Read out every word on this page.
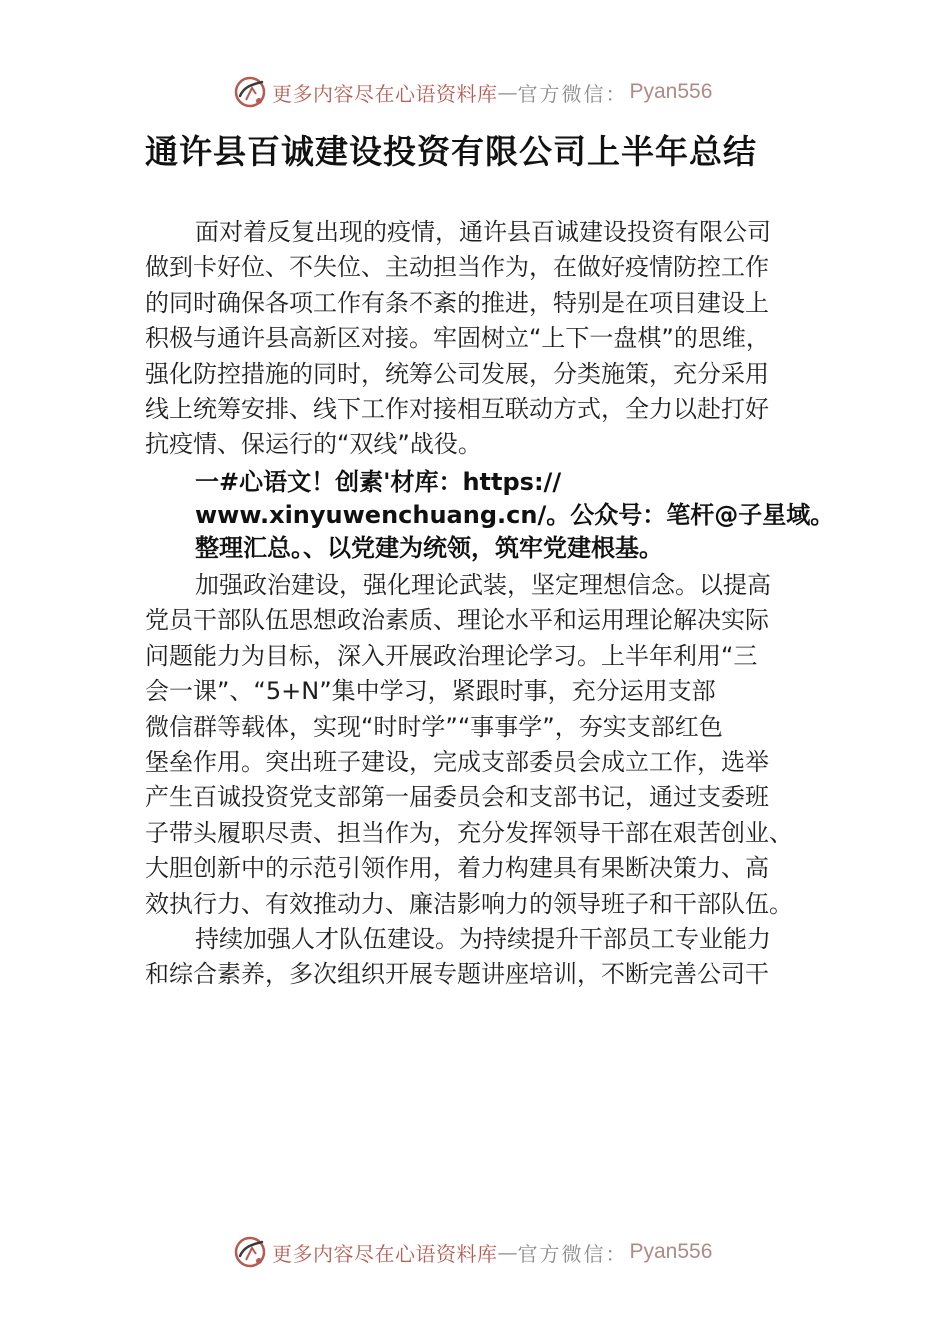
更多内容尽在心语资料库 — 官方微信： Pyan556
通许县百诚建设投资有限公司上半年总结
面对着反复出现的疫情，通许县百诚建设投资有限公司
做到卡好位、不失位、主动担当作为，在做好疫情防控工作
的同时确保各项工作有条不紊的推进，特别是在项目建设上
积极与通许县高新区对接。牢固树立“上下一盘棋”的思维，
强化防控措施的同时，统筹公司发展，分类施策，充分采用
线上统筹安排、线下工作对接相互联动方式，全力以赴打好
抗疫情、保运行的“双线”战役。
一#心语文！创素'材库：https://
www.xinyuwenchuang.cn/。公众号：笔杆@子星域。
整理汇总。、以党建为统领，筑牢党建根基。
加强政治建设，强化理论武装，坚定理想信念。以提高
党员干部队伍思想政治素质、理论水平和运用理论解决实际
问题能力为目标，深入开展政治理论学习。上半年利用“三
会一课”、“5+N”集中学习，紧跟时事，充分运用支部
微信群等载体，实现“时时学”“事事学”，夯实支部红色
堡垒作用。突出班子建设，完成支部委员会成立工作，选举
产生百诚投资党支部第一届委员会和支部书记，通过支委班
子带头履职尽责、担当作为，充分发挥领导干部在艰苦创业、
大胆创新中的示范引领作用，着力构建具有果断决策力、高
效执行力、有效推动力、廉洁影响力的领导班子和干部队伍。
持续加强人才队伍建设。为持续提升干部员工专业能力
和综合素养，多次组织开展专题讲座培训，不断完善公司干
更多内容尽在心语资料库 — 官方微信： Pyan556
